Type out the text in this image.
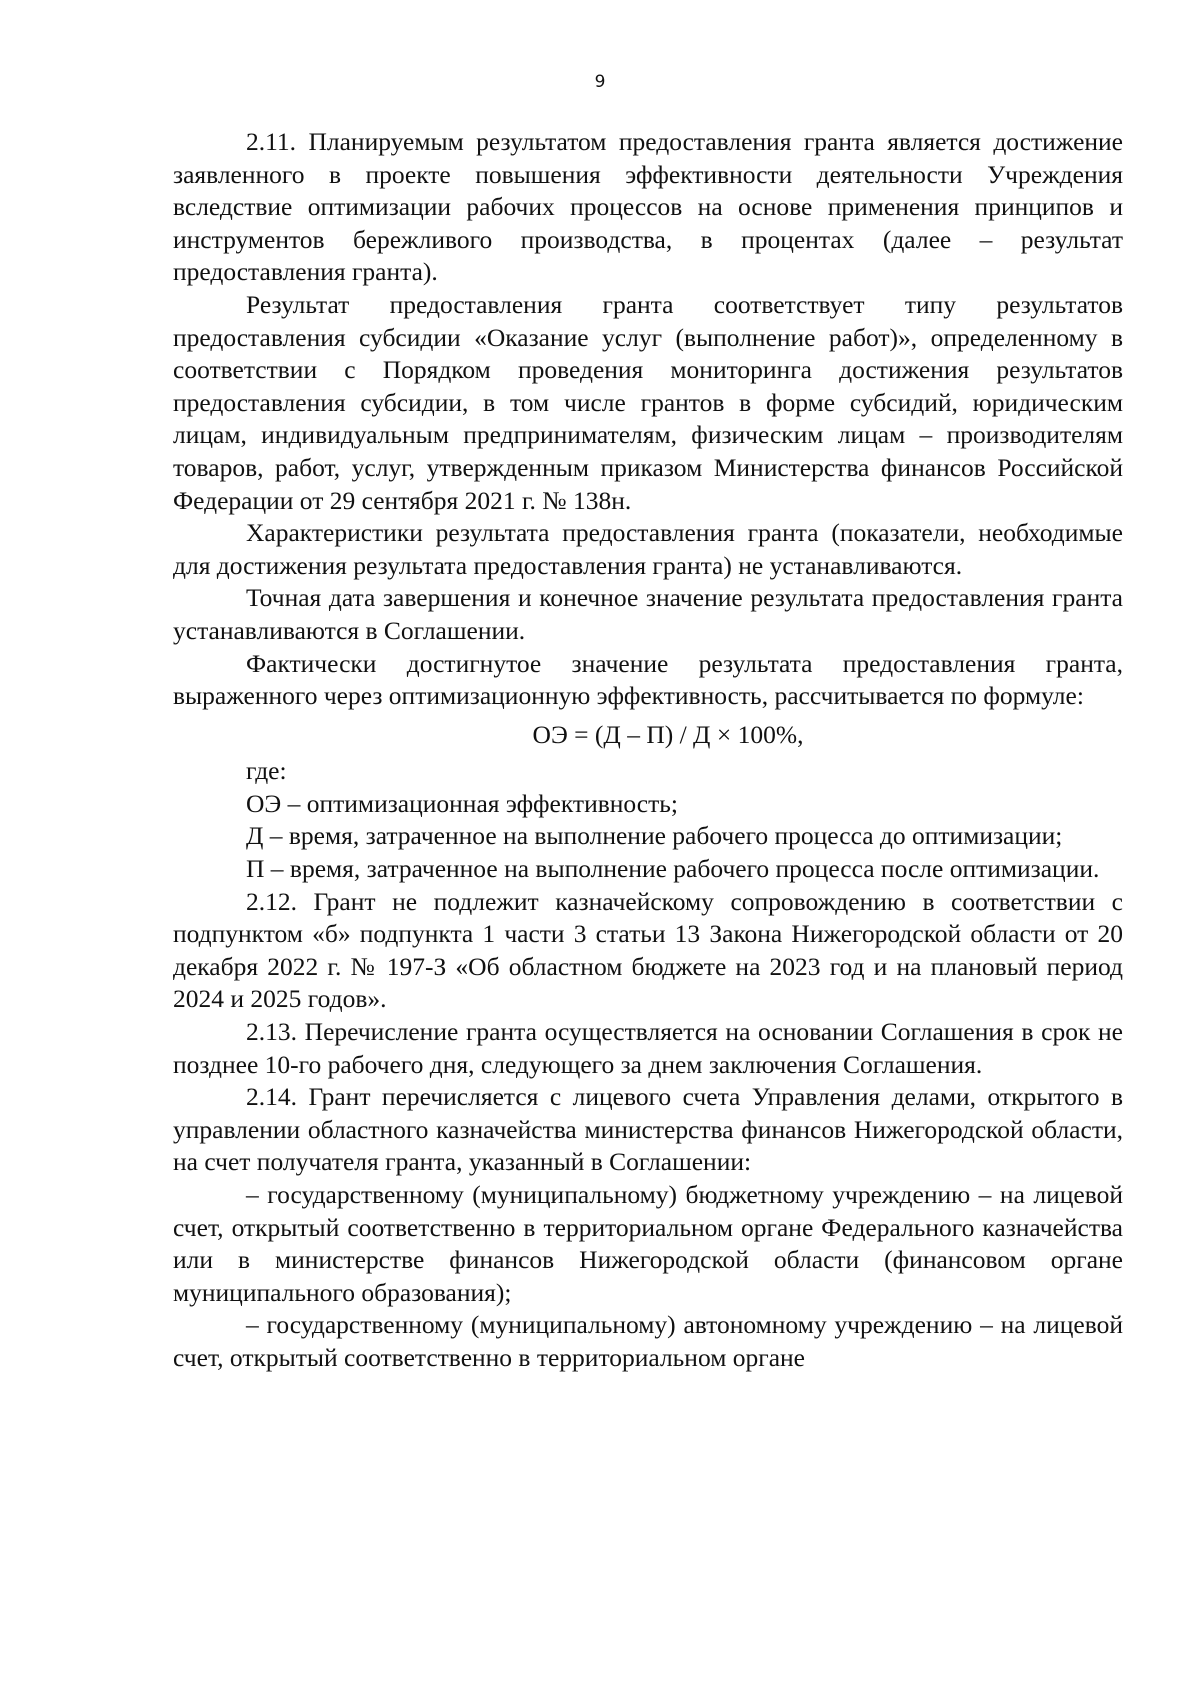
9

2.11. Планируемым результатом предоставления гранта является достижение заявленного в проекте повышения эффективности деятельности Учреждения вследствие оптимизации рабочих процессов на основе применения принципов и инструментов бережливого производства, в процентах (далее – результат предоставления гранта).

Результат предоставления гранта соответствует типу результатов предоставления субсидии «Оказание услуг (выполнение работ)», определенному в соответствии с Порядком проведения мониторинга достижения результатов предоставления субсидии, в том числе грантов в форме субсидий, юридическим лицам, индивидуальным предпринимателям, физическим лицам – производителям товаров, работ, услуг, утвержденным приказом Министерства финансов Российской Федерации от 29 сентября 2021 г. № 138н.

Характеристики результата предоставления гранта (показатели, необходимые для достижения результата предоставления гранта) не устанавливаются.

Точная дата завершения и конечное значение результата предоставления гранта устанавливаются в Соглашении.

Фактически достигнутое значение результата предоставления гранта, выраженного через оптимизационную эффективность, рассчитывается по формуле:

ОЭ = (Д – П) / Д × 100%,

где:

ОЭ – оптимизационная эффективность;

Д – время, затраченное на выполнение рабочего процесса до оптимизации;

П – время, затраченное на выполнение рабочего процесса после оптимизации.

2.12. Грант не подлежит казначейскому сопровождению в соответствии с подпунктом «б» подпункта 1 части 3 статьи 13 Закона Нижегородской области от 20 декабря 2022 г. № 197-З «Об областном бюджете на 2023 год и на плановый период 2024 и 2025 годов».

2.13. Перечисление гранта осуществляется на основании Соглашения в срок не позднее 10-го рабочего дня, следующего за днем заключения Соглашения.

2.14. Грант перечисляется с лицевого счета Управления делами, открытого в управлении областного казначейства министерства финансов Нижегородской области, на счет получателя гранта, указанный в Соглашении:

– государственному (муниципальному) бюджетному учреждению – на лицевой счет, открытый соответственно в территориальном органе Федерального казначейства или в министерстве финансов Нижегородской области (финансовом органе муниципального образования);

– государственному (муниципальному) автономному учреждению – на лицевой счет, открытый соответственно в территориальном органе
